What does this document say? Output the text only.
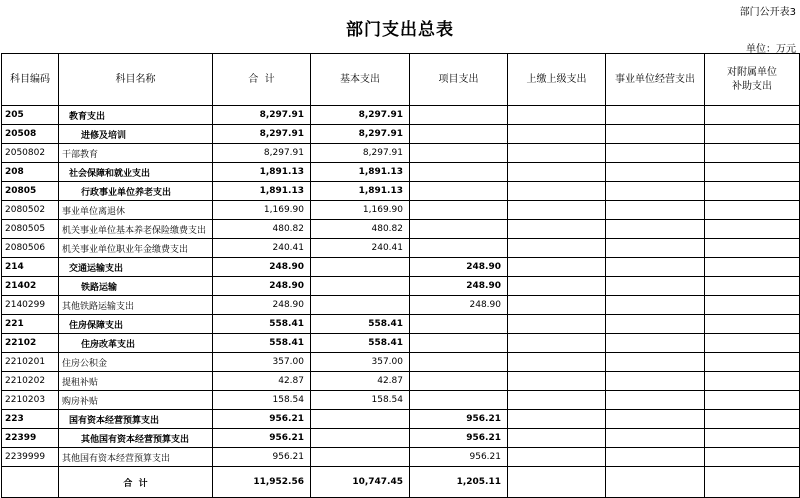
部门公开表3
部门支出总表
单位：万元
科目编码	科目名称	合  计	基本支出	项目支出	上缴上级支出	事业单位经营支出	对附属单位
补助支出
205	教育支出	8,297.91	8,297.91				
20508	进修及培训	8,297.91	8,297.91				
2050802	干部教育	8,297.91	8,297.91				
208	社会保障和就业支出	1,891.13	1,891.13				
20805	行政事业单位养老支出	1,891.13	1,891.13				
2080502	事业单位离退休	1,169.90	1,169.90				
2080505	机关事业单位基本养老保险缴费支出	480.82	480.82				
2080506	机关事业单位职业年金缴费支出	240.41	240.41				
214	交通运输支出	248.90		248.90			
21402	铁路运输	248.90		248.90			
2140299	其他铁路运输支出	248.90		248.90			
221	住房保障支出	558.41	558.41				
22102	住房改革支出	558.41	558.41				
2210201	住房公积金	357.00	357.00				
2210202	提租补贴	42.87	42.87				
2210203	购房补贴	158.54	158.54				
223	国有资本经营预算支出	956.21		956.21			
22399	其他国有资本经营预算支出	956.21		956.21			
2239999	其他国有资本经营预算支出	956.21		956.21			
	合  计	11,952.56	10,747.45	1,205.11			
